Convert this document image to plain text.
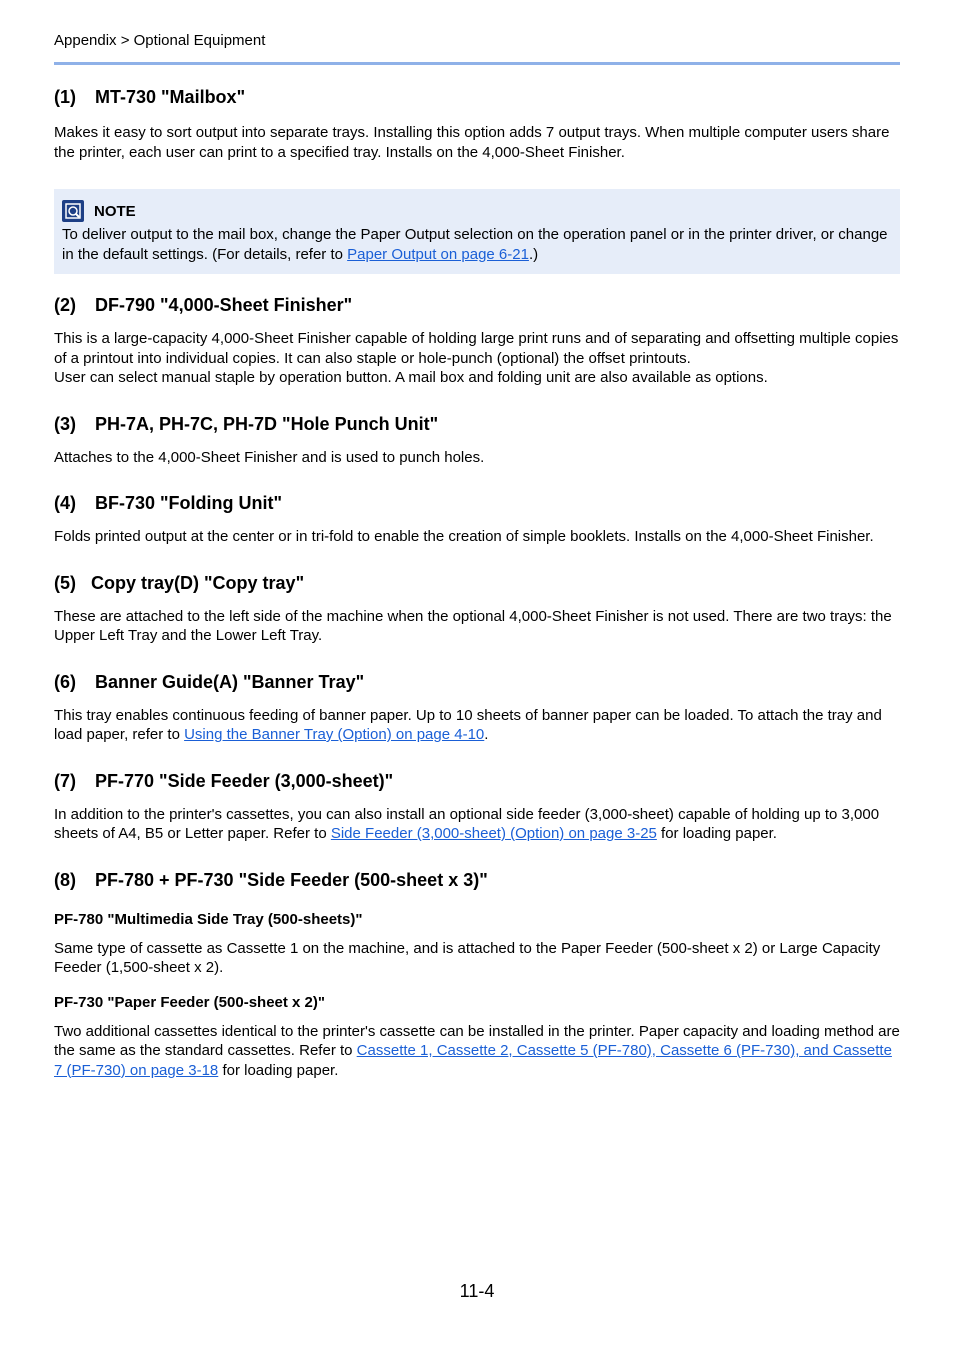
Appendix > Optional Equipment
(1) MT-730 "Mailbox"

Makes it easy to sort output into separate trays. Installing this option adds 7 output trays. When multiple computer users share the printer, each user can print to a specified tray. Installs on the 4,000-Sheet Finisher.

NOTE

To deliver output to the mail box, change the Paper Output selection on the operation panel or in the printer driver, or change in the default settings. (For details, refer to Paper Output on page 6-21.)

(2) DF-790 "4,000-Sheet Finisher"

This is a large-capacity 4,000-Sheet Finisher capable of holding large print runs and of separating and offsetting multiple copies of a printout into individual copies. It can also staple or hole-punch (optional) the offset printouts.

User can select manual staple by operation button. A mail box and folding unit are also available as options.

(3) PH-7A, PH-7C, PH-7D "Hole Punch Unit"

Attaches to the 4,000-Sheet Finisher and is used to punch holes.

(4) BF-730 "Folding Unit"

Folds printed output at the center or in tri-fold to enable the creation of simple booklets. Installs on the 4,000-Sheet Finisher.

(5) Copy tray(D) "Copy tray"

These are attached to the left side of the machine when the optional 4,000-Sheet Finisher is not used. There are two trays: the Upper Left Tray and the Lower Left Tray.

(6) Banner Guide(A) "Banner Tray"

This tray enables continuous feeding of banner paper. Up to 10 sheets of banner paper can be loaded. To attach the tray and load paper, refer to Using the Banner Tray (Option) on page 4-10.

(7) PF-770 "Side Feeder (3,000-sheet)"

In addition to the printer's cassettes, you can also install an optional side feeder (3,000-sheet) capable of holding up to 3,000 sheets of A4, B5 or Letter paper. Refer to Side Feeder (3,000-sheet) (Option) on page 3-25 for loading paper.

(8) PF-780 + PF-730 "Side Feeder (500-sheet x 3)"
PF-780 "Multimedia Side Tray (500-sheets)"

Same type of cassette as Cassette 1 on the machine, and is attached to the Paper Feeder (500-sheet x 2) or Large Capacity Feeder (1,500-sheet x 2).

PF-730 "Paper Feeder (500-sheet x 2)"

Two additional cassettes identical to the printer's cassette can be installed in the printer. Paper capacity and loading method are the same as the standard cassettes. Refer to Cassette 1, Cassette 2, Cassette 5 (PF-780), Cassette 6 (PF-730), and Cassette 7 (PF-730) on page 3-18 for loading paper.

11-4
